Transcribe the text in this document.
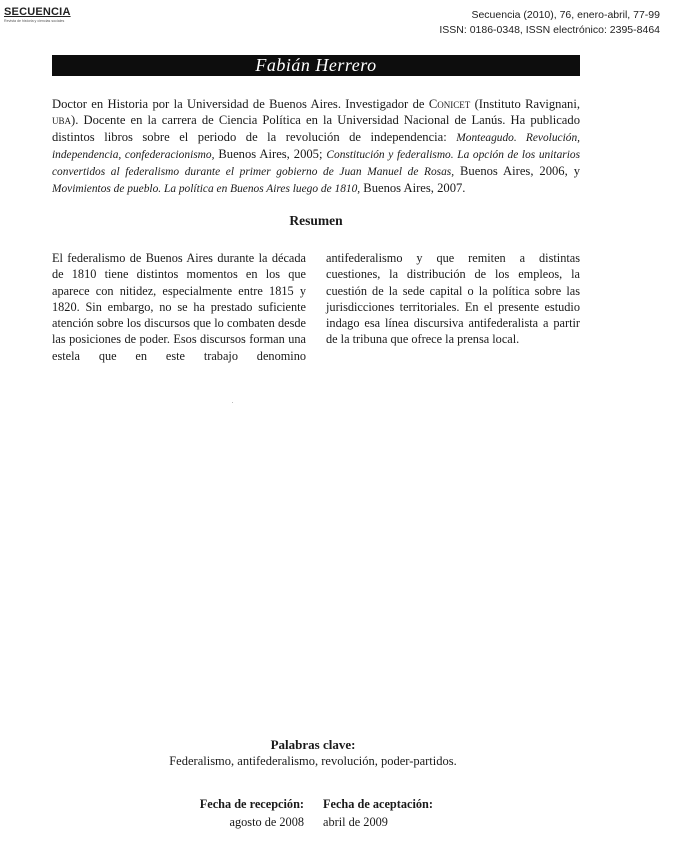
SECUENCIA
Revista de historia y ciencias sociales	Secuencia (2010), 76, enero-abril, 77-99
ISSN: 0186-0348, ISSN electrónico: 2395-8464
Fabián Herrero
Doctor en Historia por la Universidad de Buenos Aires. Investigador de Conicet (Instituto Ravignani, uba). Docente en la carrera de Ciencia Política en la Universidad Nacional de Lanús. Ha publicado distintos libros sobre el periodo de la revolución de independencia: Monteagudo. Revolución, independencia, confederacionismo, Buenos Aires, 2005; Constitución y federalismo. La opción de los unitarios convertidos al federalismo durante el primer gobierno de Juan Manuel de Rosas, Buenos Aires, 2006, y Movimientos de pueblo. La política en Buenos Aires luego de 1810, Buenos Aires, 2007.
Resumen
El federalismo de Buenos Aires durante la década de 1810 tiene distintos momentos en los que aparece con nitidez, especialmente entre 1815 y 1820. Sin embargo, no se ha prestado suficiente atención sobre los discursos que lo combaten desde las posiciones de poder. Esos discursos forman una estela que en este trabajo denomino antifederalismo y que remiten a distintas cuestiones, la distribución de los empleos, la cuestión de la sede capital o la política sobre las jurisdicciones territoriales. En el presente estudio indago esa línea discursiva antifederalista a partir de la tribuna que ofrece la prensa local.
Palabras clave:
Federalismo, antifederalismo, revolución, poder-partidos.
Fecha de recepción:
agosto de 2008
Fecha de aceptación:
abril de 2009
